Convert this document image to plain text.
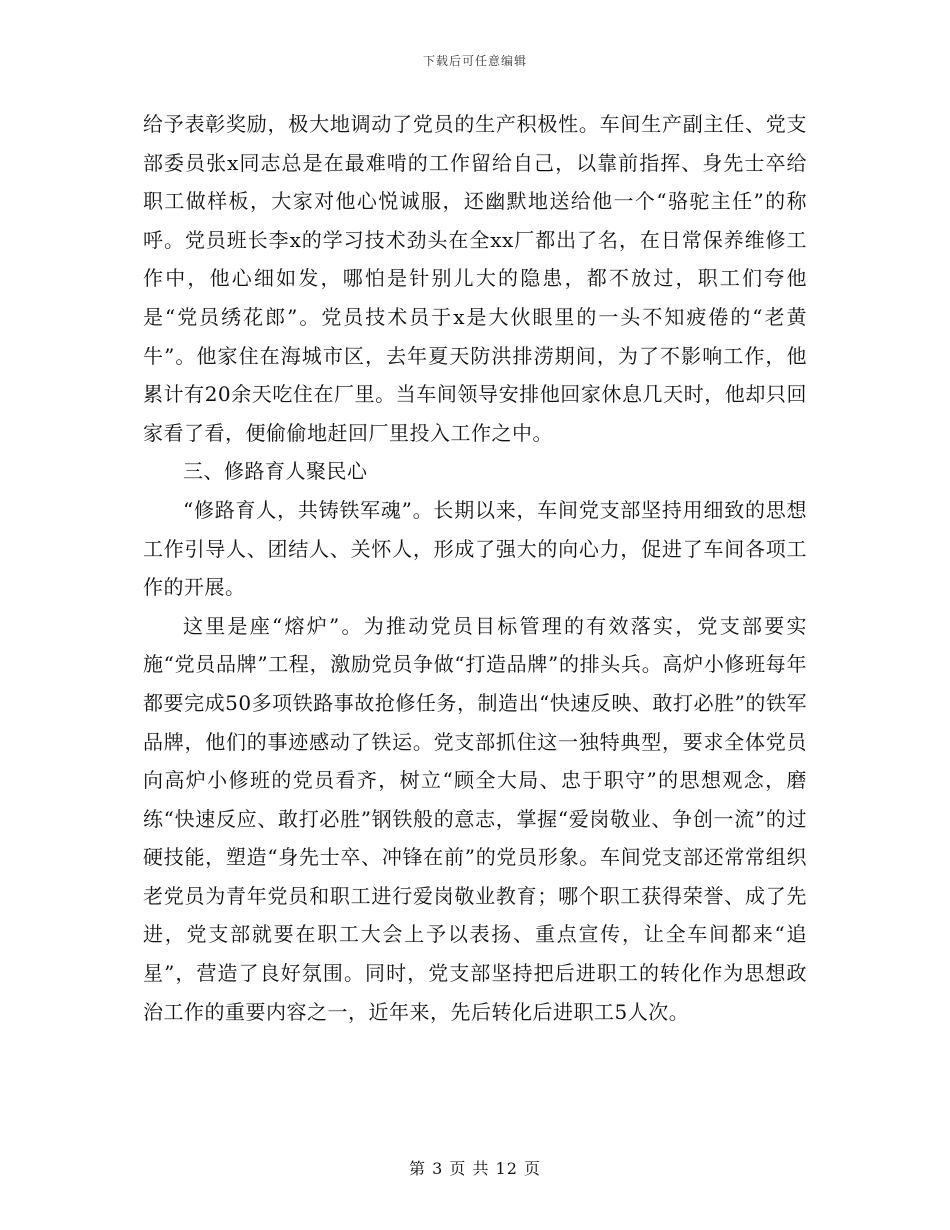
下载后可任意编辑

给予表彰奖励，极大地调动了党员的生产积极性。车间生产副主任、党支部委员张x同志总是在最难啃的工作留给自己，以靠前指挥、身先士卒给职工做样板，大家对他心悦诚服，还幽默地送给他一个“骆驼主任”的称呼。党员班长李x的学习技术劲头在全xx厂都出了名，在日常保养维修工作中，他心细如发，哪怕是针别儿大的隐患，都不放过，职工们夸他是“党员绣花郎”。党员技术员于x是大伙眼里的一头不知疲倦的“老黄牛”。他家住在海城市区，去年夏天防洪排涝期间，为了不影响工作，他累计有20余天吃住在厂里。当车间领导安排他回家休息几天时，他却只回家看了看，便偷偷地赶回厂里投入工作之中。

三、修路育人聚民心

“修路育人，共铸铁军魂”。长期以来，车间党支部坚持用细致的思想工作引导人、团结人、关怀人，形成了强大的向心力，促进了车间各项工作的开展。

这里是座“熔炉”。为推动党员目标管理的有效落实，党支部要实施“党员品牌”工程，激励党员争做“打造品牌”的排头兵。高炉小修班每年都要完成50多项铁路事故抢修任务，制造出“快速反映、敢打必胜”的铁军品牌，他们的事迹感动了铁运。党支部抓住这一独特典型，要求全体党员向高炉小修班的党员看齐，树立“顾全大局、忠于职守”的思想观念，磨练“快速反应、敢打必胜”钢铁般的意志，掌握“爱岗敬业、争创一流”的过硬技能，塑造“身先士卒、冲锋在前”的党员形象。车间党支部还常常组织老党员为青年党员和职工进行爱岗敬业教育；哪个职工获得荣誉、成了先进，党支部就要在职工大会上予以表扬、重点宣传，让全车间都来“追星”，营造了良好氛围。同时，党支部坚持把后进职工的转化作为思想政治工作的重要内容之一，近年来，先后转化后进职工5人次。

第 3 页 共 12 页
